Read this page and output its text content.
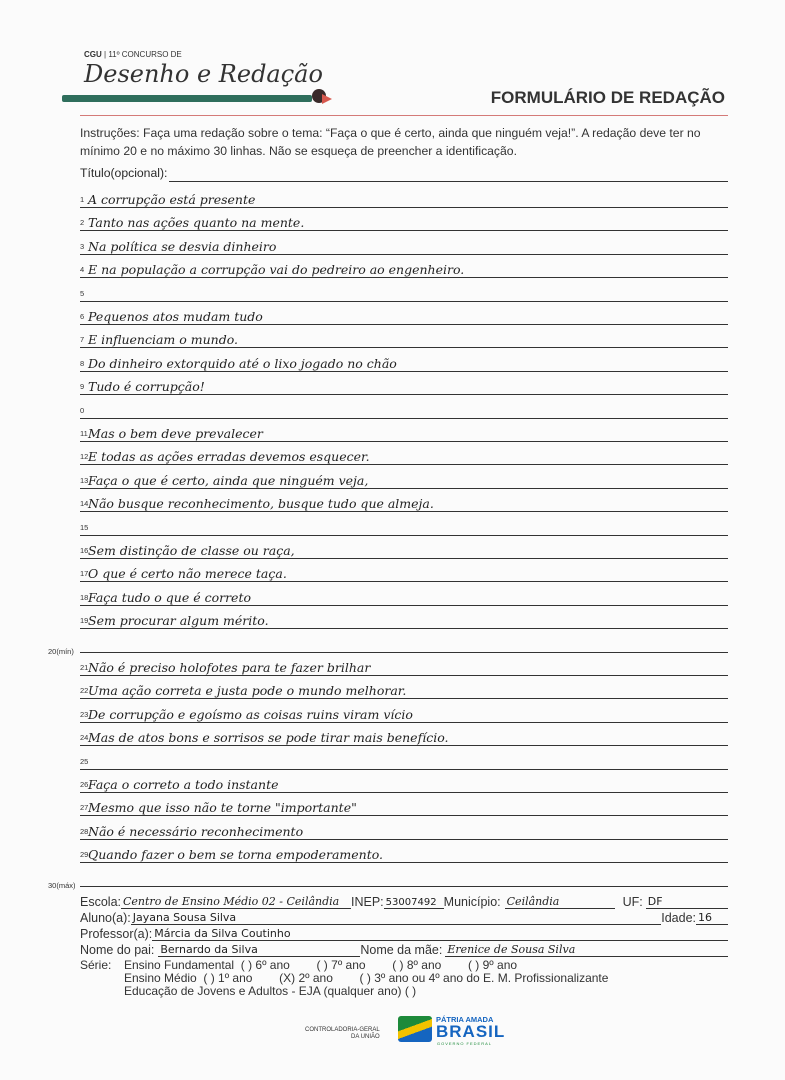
CGU | 11º CONCURSO DE
Desenho e Redação
FORMULÁRIO DE REDAÇÃO
Instruções: Faça uma redação sobre o tema: “Faça o que é certo, ainda que ninguém veja!”. A redação deve ter no mínimo 20 e no máximo 30 linhas. Não se esqueça de preencher a identificação.
Título(opcional):
1 A corrupção está presente
2 Tanto nas ações quanto na mente.
3 Na política se desvia dinheiro
4 E na população a corrupção vai do pedreiro ao engenheiro.
5
6 Pequenos atos mudam tudo
7 E influenciam o mundo.
8 Do dinheiro extorquido até o lixo jogado no chão
9 Tudo é corrupção!
0
11 Mas o bem deve prevalecer
12 E todas as ações erradas devemos esquecer.
13 Faça o que é certo, ainda que ninguém veja,
14 Não busque reconhecimento, busque tudo que almeja.
15
16 Sem distinção de classe ou raça,
17 O que é certo não merece taça.
18 Faça tudo o que é correto
19 Sem procurar algum mérito.
20(mín)
21 Não é preciso holofotes para te fazer brilhar
22 Uma ação correta e justa pode o mundo melhorar.
23 De corrupção e egoísmo as coisas ruins viram vício
24 Mas de atos bons e sorrisos se pode tirar mais benefício.
25
26 Faça o correto a todo instante
27 Mesmo que isso não te torne "importante"
28 Não é necessário reconhecimento
29 Quando fazer o bem se torna empoderamento.
30(máx)
Escola: Centro de Ensino Médio 02 - Ceilândia INEP: 53007492 Município: Ceilândia	UF: DF
Aluno(a): Jayana Sousa Silva	Idade: 16
Professor(a): Márcia da Silva Coutinho
Nome do pai: Bernardo da Silva	Nome da mãe: Erenice de Sousa Silva
Série:	Ensino Fundamental  ( ) 6º ano        ( ) 7º ano        ( ) 8º ano        ( ) 9º ano
Ensino Médio  ( ) 1º ano        (X) 2º ano        ( ) 3º ano ou 4º ano do E. M. Profissionalizante
Educação de Jovens e Adultos - EJA (qualquer ano) ( )
CONTROLADORIA-GERAL
DA UNIÃO
PÁTRIA AMADA
BRASIL
GOVERNO FEDERAL
